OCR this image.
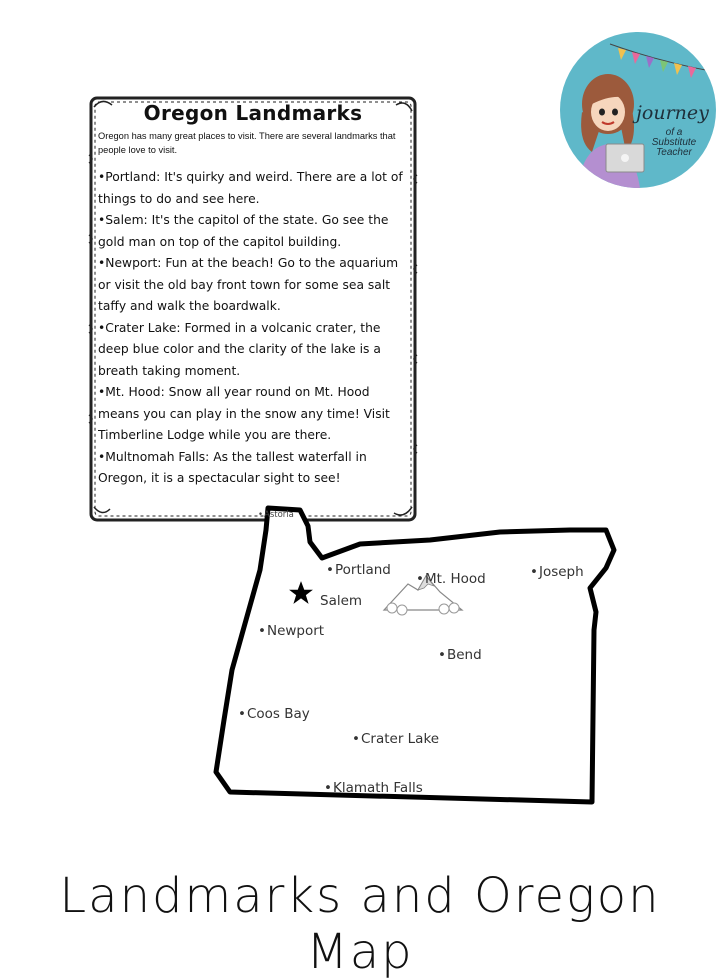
Oregon Landmarks

Oregon has many great places to visit. There are several landmarks that people love to visit.

•Portland: It's quirky and weird. There are a lot of things to do and see here.

•Salem: It's the capitol of the state. Go see the gold man on top of the capitol building.

•Newport: Fun at the beach! Go to the aquarium or visit the old bay front town for some sea salt taffy and walk the boardwalk.

•Crater Lake: Formed in a volcanic crater, the deep blue color and the clarity of the lake is a breath taking moment.

•Mt. Hood: Snow all year round on Mt. Hood means you can play in the snow any time! Visit Timberline Lodge while you are there.

•Multnomah Falls: As the tallest waterfall in Oregon, it is a spectacular sight to see!

journey
of a Substitute Teacher
• Astoria
• Portland
• Mt. Hood
•	Joseph
Salem
• Newport
• Bend
• Coos Bay
• Crater Lake
• Klamath Falls
Landmarks and Oregon Map
